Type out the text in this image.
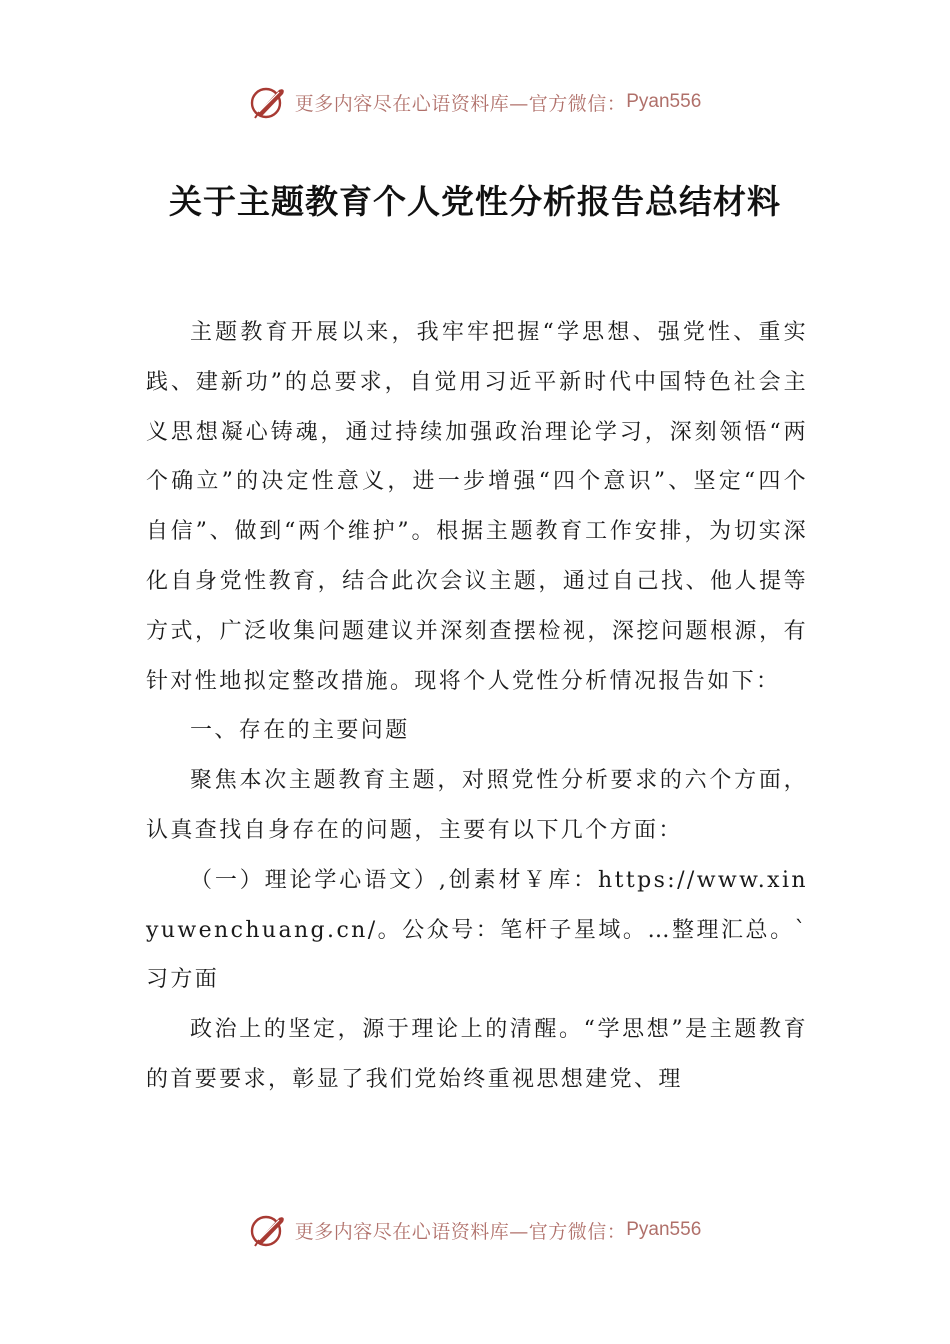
更多内容尽在心语资料库—官方微信： Pyan556
关于主题教育个人党性分析报告总结材料

主题教育开展以来，我牢牢把握“学思想、强党性、重实践、建新功”的总要求，自觉用习近平新时代中国特色社会主义思想凝心铸魂，通过持续加强政治理论学习，深刻领悟“两个确立”的决定性意义，进一步增强“四个意识”、坚定“四个自信”、做到“两个维护”。根据主题教育工作安排，为切实深化自身党性教育，结合此次会议主题，通过自己找、他人提等方式，广泛收集问题建议并深刻查摆检视，深挖问题根源，有针对性地拟定整改措施。现将个人党性分析情况报告如下：

一、存在的主要问题

聚焦本次主题教育主题，对照党性分析要求的六个方面，认真查找自身存在的问题，主要有以下几个方面：

（一）理论学心语文）,创素材￥库：https://www.xinyuwenchuang.cn/。公众号：笔杆子星域。…整理汇总。`习方面

政治上的坚定，源于理论上的清醒。“学思想”是主题教育的首要要求，彰显了我们党始终重视思想建党、理

更多内容尽在心语资料库—官方微信： Pyan556
